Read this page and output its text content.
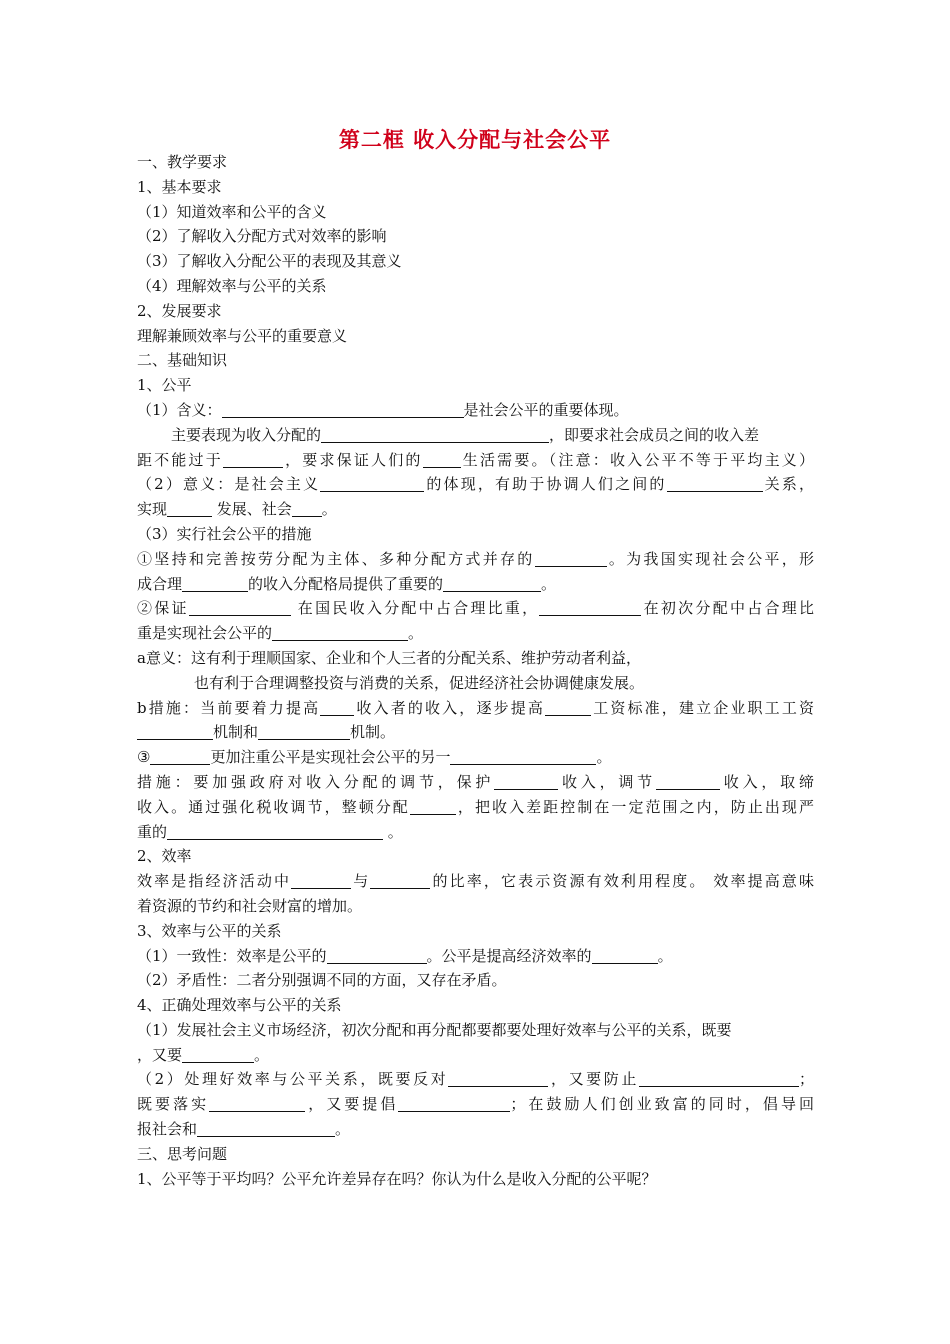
第二框 收入分配与社会公平
一、教学要求
1、基本要求
（1）知道效率和公平的含义
（2）了解收入分配方式对效率的影响
（3）了解收入分配公平的表现及其意义
（4）理解效率与公平的关系
2、发展要求
理解兼顾效率与公平的重要意义
二、基础知识
1、公平
（1）含义：	是社会公平的重要体现。
主要表现为收入分配的	，即要求社会成员之间的收入差
距不能过于	，要求保证人们的	生活需要。（注意：收入公平不等于平均主义）
（2）意义：是社会主义	的体现，有助于协调人们之间的	关系，
实现	发展、社会 。
（3）实行社会公平的措施
①坚持和完善按劳分配为主体、多种分配方式并存的	。为我国实现社会公平，形
成合理	的收入分配格局提供了重要的	。
②保证	在国民收入分配中占合理比重，	在初次分配中占合理比
重是实现社会公平的	。
a意义：这有利于理顺国家、企业和个人三者的分配关系、维护劳动者利益，
也有利于合理调整投资与消费的关系，促进经济社会协调健康发展。
b措施：当前要着力提高 收入者的收入，逐步提高	工资标准，建立企业职工工资
机制和	机制。
③	更加注重公平是实现社会公平的另一	。
措施：要加强政府对收入分配的调节，保护	收入，调节	收入，取缔
收入。通过强化税收调节，整顿分配	，把收入差距控制在一定范围之内，防止出现严
重的	。
2、效率
效率是指经济活动中	与	的比率，它表示资源有效利用程度。 效率提高意味
着资源的节约和社会财富的增加。
3、效率与公平的关系
（1）一致性：效率是公平的	。公平是提高经济效率的	。
（2）矛盾性：二者分别强调不同的方面，又存在矛盾。
4、正确处理效率与公平的关系
（1）发展社会主义市场经济，初次分配和再分配都要都要处理好效率与公平的关系，既要
，又要	。
（2）处理好效率与公平关系，既要反对	，又要防止	；
既要落实	，又要提倡	；在鼓励人们创业致富的同时，倡导回
报社会和	。
三、思考问题
1、公平等于平均吗？公平允许差异存在吗？你认为什么是收入分配的公平呢？
